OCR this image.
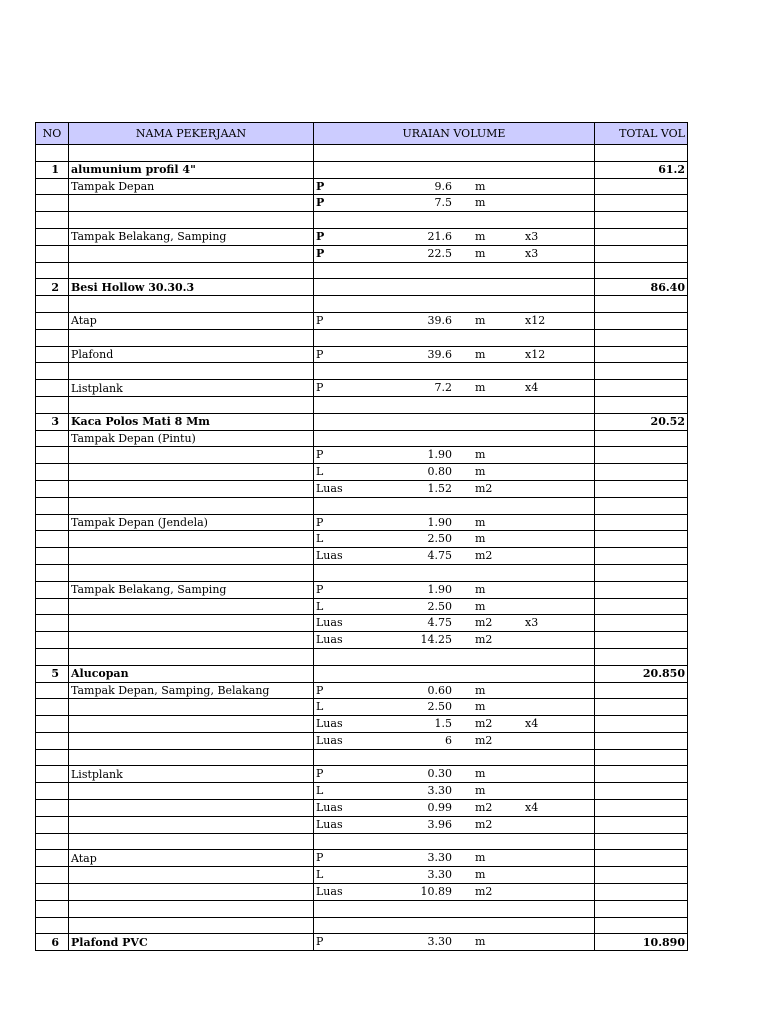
NO	NAMA PEKERJAAN	URAIAN VOLUME	TOTAL VOL

1	alumunium profil 4"		61.2
	Tampak Depan	P 9.6 m	

		P 7.5 m	

	Tampak Belakang, Samping	P 21.6 m x3	

		P 22.5 m x3	

2	Besi Hollow 30.30.3		86.40

	Atap	P 39.6 m x12	

	Plafond	P 39.6 m x12	

	Listplank	P 7.2 m x4	

3	Kaca Polos Mati 8 Mm		20.52
	Tampak Depan (Pintu)		

		P 1.90 m	

		L 0.80 m	

		Luas 1.52 m2	

	Tampak Depan (Jendela)	P 1.90 m	

		L 2.50 m	

		Luas 4.75 m2	

	Tampak Belakang, Samping	P 1.90 m	

		L 2.50 m	

		Luas 4.75 m2 x3	

		Luas 14.25 m2	

5	Alucopan		20.850
	Tampak Depan, Samping, Belakang	P 0.60 m	

		L 2.50 m	

		Luas 1.5 m2 x4	

		Luas 6 m2	

	Listplank	P 0.30 m	

		L 3.30 m	

		Luas 0.99 m2 x4	

		Luas 3.96 m2	

	Atap	P 3.30 m	

		L 3.30 m	

		Luas 10.89 m2	

6	Plafond PVC	P 3.30 m	10.890
